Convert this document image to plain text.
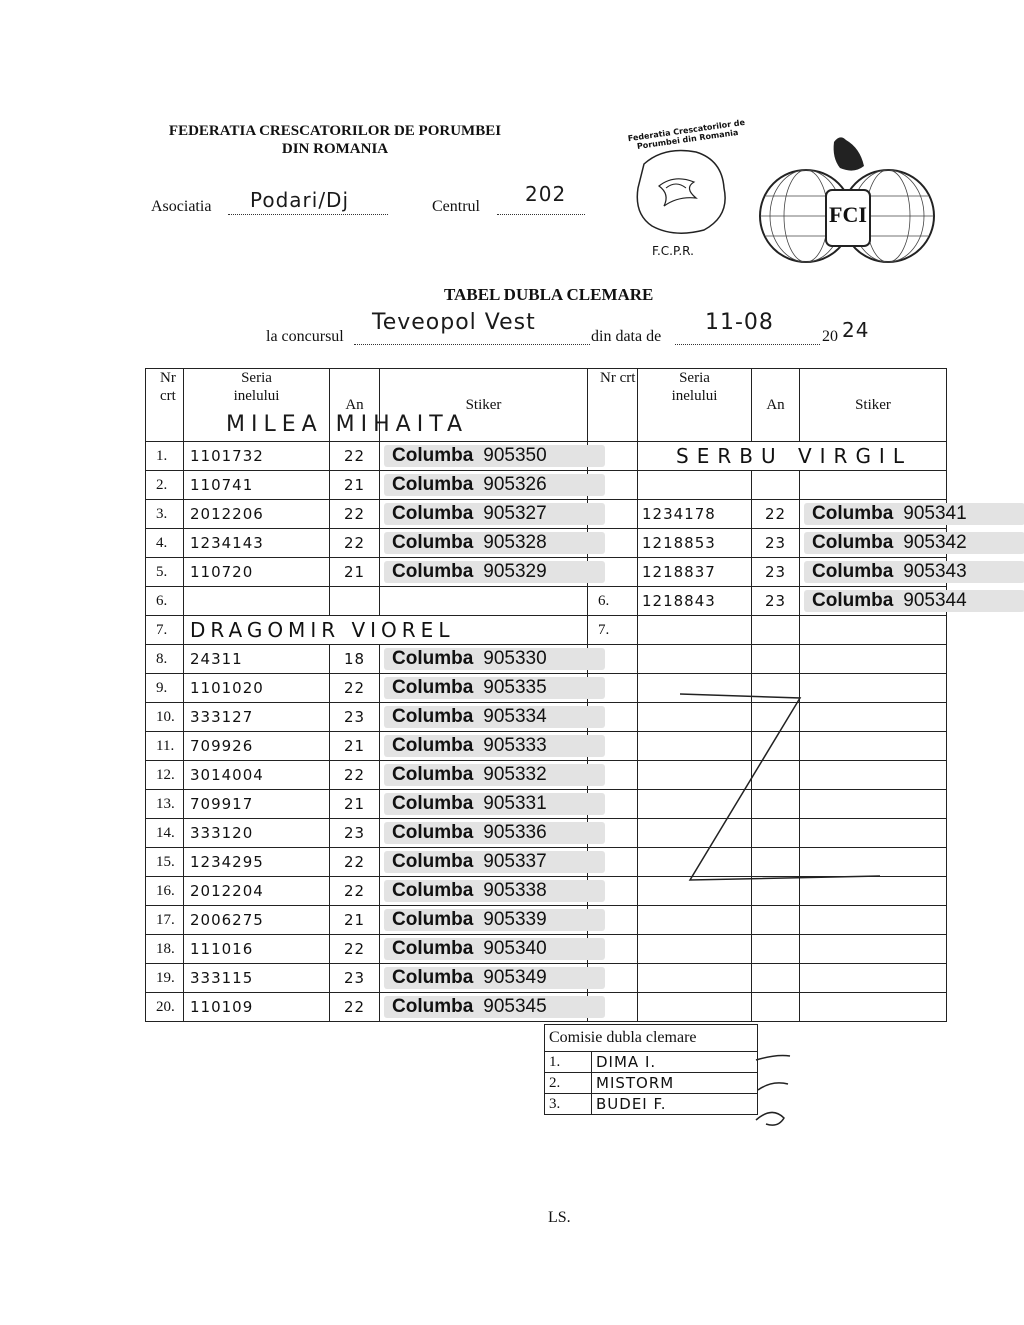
FEDERATIA CRESCATORILOR DE PORUMBEI
DIN ROMANIA
Asociatia Podari/Dj	Centrul
202
Federatia Crescatorilor de Porumbei din Romania
F.C.P.R.
FCI
TABEL DUBLA CLEMARE
la concursul
Teveopol Vest
din data de
11-08
20 24
Nr crt	Seria inelului	An	Stiker	Nr crt	Seria inelului	An	Stiker
1.	1101732	22	Columba 905350		SERBU VIRGIL		
2.	110741	21	Columba 905326				
3.	2012206	22	Columba 905327		1234178	22	Columba 905341
4.	1234143	22	Columba 905328		1218853	23	Columba 905342
5.	110720	21	Columba 905329		1218837	23	Columba 905343
6.				6.	1218843	23	Columba 905344
7.	DRAGOMIR VIOREL			7.			
8.	24311	18	Columba 905330				
9.	1101020	22	Columba 905335				
10.	333127	23	Columba 905334				
11.	709926	21	Columba 905333				
12.	3014004	22	Columba 905332				
13.	709917	21	Columba 905331				
14.	333120	23	Columba 905336				
15.	1234295	22	Columba 905337				
16.	2012204	22	Columba 905338				
17.	2006275	21	Columba 905339				
18.	111016	22	Columba 905340				
19.	333115	23	Columba 905349				
20.	110109	22	Columba 905345				
MILEA MIHAITA
Comisie dubla clemare	
1.	DIMA I.
2.	MISTORM
3.	BUDEI F.
LS.
